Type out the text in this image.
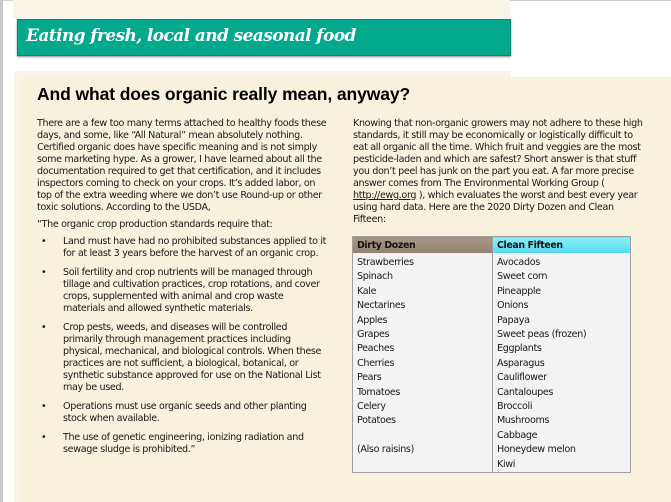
Eating fresh, local and seasonal food
And what does organic really mean, anyway?

There are a few too many terms attached to healthy foods these days, and some, like “All Natural” mean absolutely nothing. Certified organic does have specific meaning and is not simply some marketing hype. As a grower, I have learned about all the documentation required to get that certification, and it includes inspectors coming to check on your crops. It’s added labor, on top of the extra weeding where we don’t use Round-up or other toxic solutions. According to the USDA,

“The organic crop production standards require that:

• Land must have had no prohibited substances applied to it for at least 3 years before the harvest of an organic crop.
• Soil fertility and crop nutrients will be managed through tillage and cultivation practices, crop rotations, and cover crops, supplemented with animal and crop waste materials and allowed synthetic materials.
• Crop pests, weeds, and diseases will be controlled primarily through management practices including physical, mechanical, and biological controls. When these practices are not sufficient, a biological, botanical, or synthetic substance approved for use on the National List may be used.
• Operations must use organic seeds and other planting stock when available.
• The use of genetic engineering, ionizing radiation and sewage sludge is prohibited.”

Knowing that non-organic growers may not adhere to these high standards, it still may be economically or logistically difficult to eat all organic all the time. Which fruit and veggies are the most pesticide-laden and which are safest? Short answer is that stuff you don’t peel has junk on the part you eat. A far more precise answer comes from The Environmental Working Group ( http://ewg.org ), which evaluates the worst and best every year using hard data. Here are the 2020 Dirty Dozen and Clean Fifteen:

Dirty Dozen	Clean Fifteen
Strawberries	Avocados
Spinach	Sweet corn
Kale	Pineapple
Nectarines	Onions
Apples	Papaya
Grapes	Sweet peas (frozen)
Peaches	Eggplants
Cherries	Asparagus
Pears	Cauliflower
Tomatoes	Cantaloupes
Celery	Broccoli
Potatoes	Mushrooms
	Cabbage
(Also raisins)	Honeydew melon
	Kiwi
